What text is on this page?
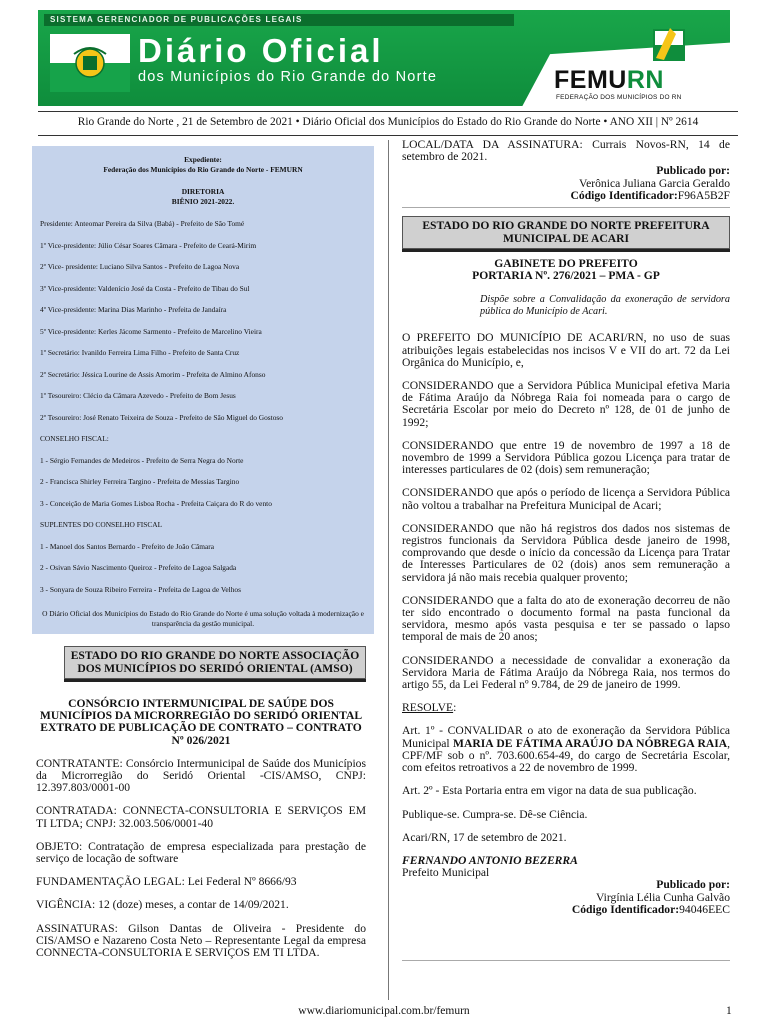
SISTEMA GERENCIADOR DE PUBLICAÇÕES LEGAIS
Diário Oficial
dos Municípios do Rio Grande do Norte	FEMURN
FEDERAÇÃO DOS MUNICÍPIOS DO RN
Rio Grande do Norte , 21 de Setembro de 2021 • Diário Oficial dos Municípios do Estado do Rio Grande do Norte • ANO XII | Nº 2614

Expediente:

Federação dos Municípios do Rio Grande do Norte - FEMURN

DIRETORIA

BIÊNIO 2021-2022.

Presidente: Anteomar Pereira da Silva (Babá) - Prefeito de São Tomé

1º Vice-presidente: Júlio César Soares Câmara - Prefeito de Ceará-Mirim

2º Vice- presidente: Luciano Silva Santos - Prefeito de Lagoa Nova

3º Vice-presidente: Valdenício José da Costa - Prefeito de Tibau do Sul

4º Vice-presidente: Marina Dias Marinho - Prefeita de Jandaíra

5º Vice-presidente: Kerles Jácome Sarmento - Prefeito de Marcelino Vieira

1º Secretário: Ivanildo Ferreira Lima Filho - Prefeito de Santa Cruz

2º Secretário: Jéssica Lourine de Assis Amorim - Prefeita de Almino Afonso

1º Tesoureiro: Clécio da Câmara Azevedo - Prefeito de Bom Jesus

2º Tesoureiro: José Renato Teixeira de Souza - Prefeito de São Miguel do Gostoso

CONSELHO FISCAL:

1 - Sérgio Fernandes de Medeiros - Prefeito de Serra Negra do Norte

2 - Francisca Shirley Ferreira Targino - Prefeita de Messias Targino

3 - Conceição de Maria Gomes Lisboa Rocha - Prefeita Caiçara do R do vento

SUPLENTES DO CONSELHO FISCAL

1 - Manoel dos Santos Bernardo - Prefeito de João Câmara

2 - Osivan Sávio Nascimento Queiroz - Prefeito de Lagoa Salgada

3 - Sonyara de Souza Ribeiro Ferreira - Prefeita de Lagoa de Velhos

O Diário Oficial dos Municípios do Estado do Rio Grande do Norte é uma solução voltada à modernização e transparência da gestão municipal.

ESTADO DO RIO GRANDE DO NORTE ASSOCIAÇÃO DOS MUNICÍPIOS DO SERIDÓ ORIENTAL (AMSO)

CONSÓRCIO INTERMUNICIPAL DE SAÚDE DOS MUNICÍPIOS DA MICRORREGIÃO DO SERIDÓ ORIENTAL EXTRATO DE PUBLICAÇÃO DE CONTRATO – CONTRATO Nº 026/2021

CONTRATANTE: Consórcio Intermunicipal de Saúde dos Municípios da Microrregião do Seridó Oriental -CIS/AMSO, CNPJ: 12.397.803/0001-00

CONTRATADA: CONNECTA-CONSULTORIA E SERVIÇOS EM TI LTDA; CNPJ: 32.003.506/0001-40

OBJETO: Contratação de empresa especializada para prestação de serviço de locação de software

FUNDAMENTAÇÃO LEGAL: Lei Federal Nº 8666/93

VIGÊNCIA: 12 (doze) meses, a contar de 14/09/2021.

ASSINATURAS: Gilson Dantas de Oliveira - Presidente do CIS/AMSO e Nazareno Costa Neto – Representante Legal da empresa CONNECTA-CONSULTORIA E SERVIÇOS EM TI LTDA.

LOCAL/DATA DA ASSINATURA: Currais Novos-RN, 14 de setembro de 2021.

Publicado por:

Verônica Juliana Garcia Geraldo

Código Identificador:F96A5B2F

ESTADO DO RIO GRANDE DO NORTE PREFEITURA MUNICIPAL DE ACARI

GABINETE DO PREFEITO

PORTARIA Nº. 276/2021 – PMA - GP

Dispõe sobre a Convalidação da exoneração de servidora pública do Município de Acari.

O PREFEITO DO MUNICÍPIO DE ACARI/RN, no uso de suas atribuições legais estabelecidas nos incisos V e VII do art. 72 da Lei Orgânica do Município, e,

CONSIDERANDO que a Servidora Pública Municipal efetiva Maria de Fátima Araújo da Nóbrega Raia foi nomeada para o cargo de Secretária Escolar por meio do Decreto nº 128, de 01 de junho de 1992;

CONSIDERANDO que entre 19 de novembro de 1997 a 18 de novembro de 1999 a Servidora Pública gozou Licença para tratar de interesses particulares de 02 (dois) sem remuneração;

CONSIDERANDO que após o período de licença a Servidora Pública não voltou a trabalhar na Prefeitura Municipal de Acari;

CONSIDERANDO que não há registros dos dados nos sistemas de registros funcionais da Servidora Pública desde janeiro de 1998, comprovando que desde o início da concessão da Licença para Tratar de Interesses Particulares de 02 (dois) anos sem remuneração a servidora já não mais recebia qualquer provento;

CONSIDERANDO que a falta do ato de exoneração decorreu de não ter sido encontrado o documento formal na pasta funcional da servidora, mesmo após vasta pesquisa e ter se passado o lapso temporal de mais de 20 anos;

CONSIDERANDO a necessidade de convalidar a exoneração da Servidora Maria de Fátima Araújo da Nóbrega Raia, nos termos do artigo 55, da Lei Federal nº 9.784, de 29 de janeiro de 1999.

RESOLVE:

Art. 1º - CONVALIDAR o ato de exoneração da Servidora Pública Municipal MARIA DE FÁTIMA ARAÚJO DA NÓBREGA RAIA, CPF/MF sob o nº. 703.600.654-49, do cargo de Secretária Escolar, com efeitos retroativos a 22 de novembro de 1999.

Art. 2º - Esta Portaria entra em vigor na data de sua publicação.

Publique-se. Cumpra-se. Dê-se Ciência.

Acari/RN, 17 de setembro de 2021.

FERNANDO ANTONIO BEZERRA

Prefeito Municipal

Publicado por:

Virgínia Lélia Cunha Galvão

Código Identificador:94046EEC

www.diariomunicipal.com.br/femurn	1
